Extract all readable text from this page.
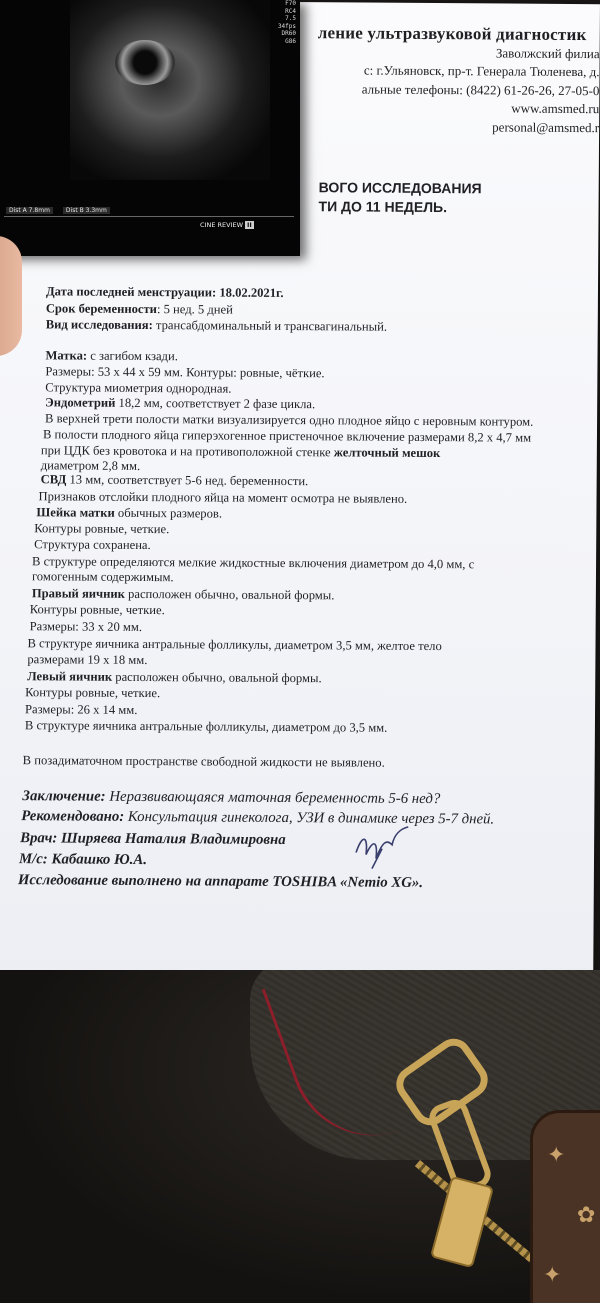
ление ультразвуковой диагностик
Заволжский филиа
с: г.Ульяновск, пр-т. Генерала Тюленева, д.
альные телефоны: (8422) 61-26-26, 27-05-0
www.amsmed.ru
personal@amsmed.r
ВОГО ИССЛЕДОВАНИЯ
ТИ ДО 11 НЕДЕЛЬ.
Дата последней менструации: 18.02.2021г.
Срок беременности: 5 нед. 5 дней
Вид исследования: трансабдоминальный и трансвагинальный.
Матка: с загибом кзади.
Размеры: 53 х 44 х 59 мм. Контуры: ровные, чёткие.
Структура миометрия однородная.
Эндометрий 18,2 мм, соответствует 2 фазе цикла.
В верхней трети полости матки визуализируется одно плодное яйцо с неровным контуром.
В полости плодного яйца гиперэхогенное пристеночное включение размерами 8,2 х 4,7 мм
при ЦДК без кровотока и на противоположной стенке желточный мешок
диаметром 2,8 мм.
СВД 13 мм, соответствует 5-6 нед. беременности.
Признаков отслойки плодного яйца на момент осмотра не выявлено.
Шейка матки обычных размеров.
Контуры ровные, четкие.
Структура сохранена.
В структуре определяются мелкие жидкостные включения диаметром до 4,0 мм, с
гомогенным содержимым.
Правый яичник расположен обычно, овальной формы.
Контуры ровные, четкие.
Размеры: 33 х 20 мм.
В структуре яичника антральные фолликулы, диаметром 3,5 мм, желтое тело
размерами 19 х 18 мм.
Левый яичник расположен обычно, овальной формы.
Контуры ровные, четкие.
Размеры: 26 х 14 мм.
В структуре яичника антральные фолликулы, диаметром до 3,5 мм.
В позадиматочном пространстве свободной жидкости не выявлено.
Заключение: Неразвивающаяся маточная беременность 5-6 нед?
Рекомендовано: Консультация гинеколога, УЗИ в динамике через 5-7 дней.
Врач: Ширяева Наталия Владимировна
М/с: Кабашко Ю.А.
Исследование выполнено на аппарате TOSHIBA «Nemio XG».
F70
RC4
7.5
34fps
DR60
G86
Dist A 7.8mm	Dist B 3.3mm
CINE REVIEW II
✦
✿
✦
